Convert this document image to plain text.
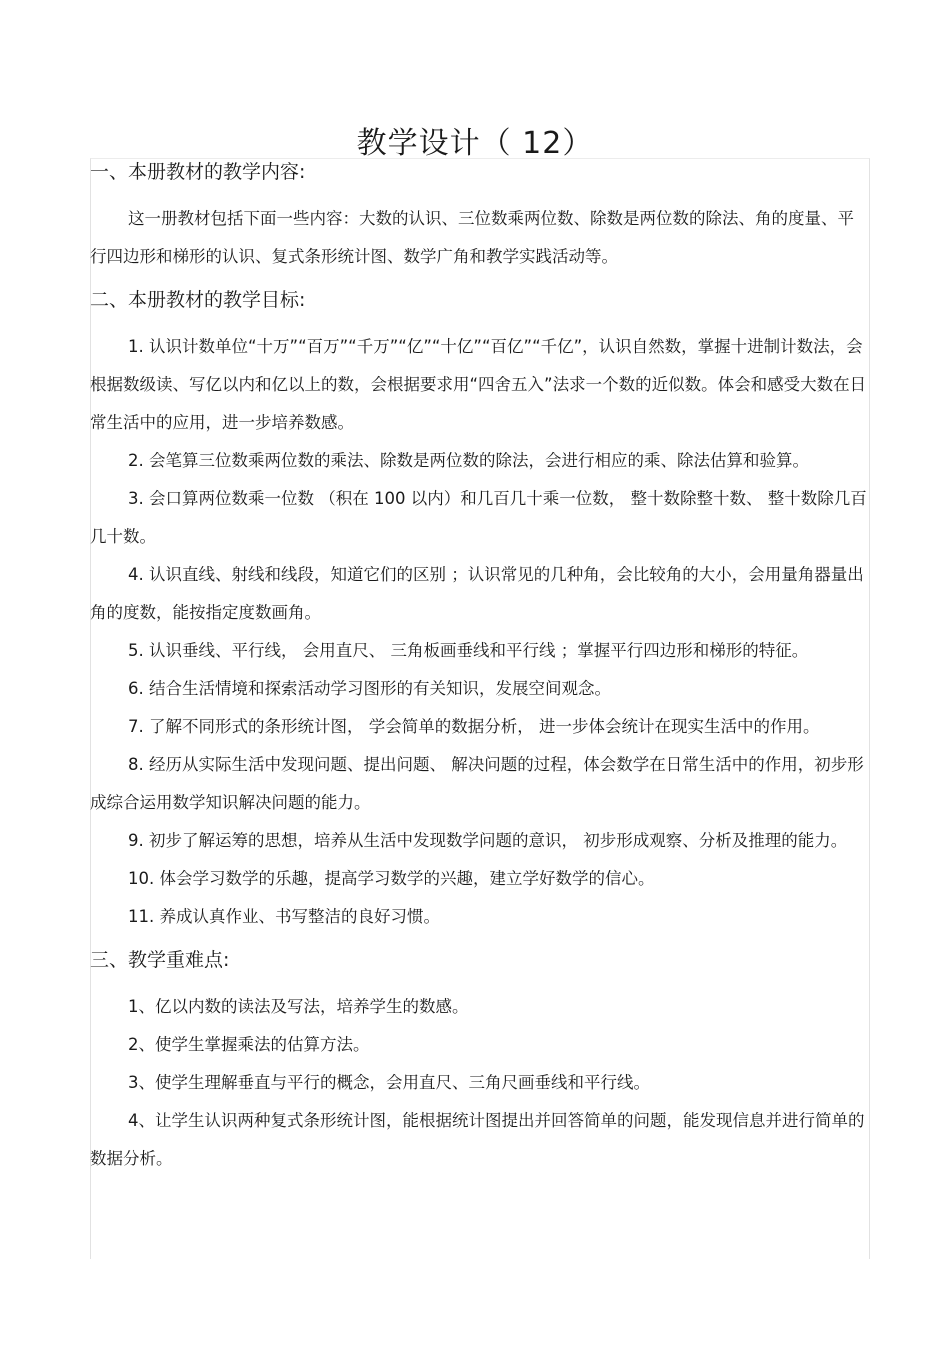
教学设计（ 12）

一、本册教材的教学内容:

这一册教材包括下面一些内容：大数的认识、三位数乘两位数、除数是两位数的除法、角的度量、平行四边形和梯形的认识、复式条形统计图、数学广角和教学实践活动等。

二、本册教材的教学目标:

1. 认识计数单位“十万”“百万”“千万”“亿”“十亿”“百亿”“千亿”，认识自然数，掌握十进制计数法，会根据数级读、写亿以内和亿以上的数，会根据要求用“四舍五入”法求一个数的近似数。体会和感受大数在日常生活中的应用，进一步培养数感。

2. 会笔算三位数乘两位数的乘法、除数是两位数的除法，会进行相应的乘、除法估算和验算。

3. 会口算两位数乘一位数 （积在 100 以内）和几百几十乘一位数， 整十数除整十数、 整十数除几百几十数。

4. 认识直线、射线和线段，知道它们的区别 ；认识常见的几种角，会比较角的大小，会用量角器量出角的度数，能按指定度数画角。

5. 认识垂线、平行线， 会用直尺、 三角板画垂线和平行线 ；掌握平行四边形和梯形的特征。

6. 结合生活情境和探索活动学习图形的有关知识，发展空间观念。

7. 了解不同形式的条形统计图， 学会简单的数据分析， 进一步体会统计在现实生活中的作用。

8. 经历从实际生活中发现问题、提出问题、 解决问题的过程，体会数学在日常生活中的作用，初步形成综合运用数学知识解决问题的能力。

9. 初步了解运筹的思想，培养从生活中发现数学问题的意识， 初步形成观察、分析及推理的能力。

10. 体会学习数学的乐趣，提高学习数学的兴趣，建立学好数学的信心。

11. 养成认真作业、书写整洁的良好习惯。

三、教学重难点:

1、亿以内数的读法及写法，培养学生的数感。

2、使学生掌握乘法的估算方法。

3、使学生理解垂直与平行的概念，会用直尺、三角尺画垂线和平行线。

4、让学生认识两种复式条形统计图，能根据统计图提出并回答简单的问题，能发现信息并进行简单的数据分析。
